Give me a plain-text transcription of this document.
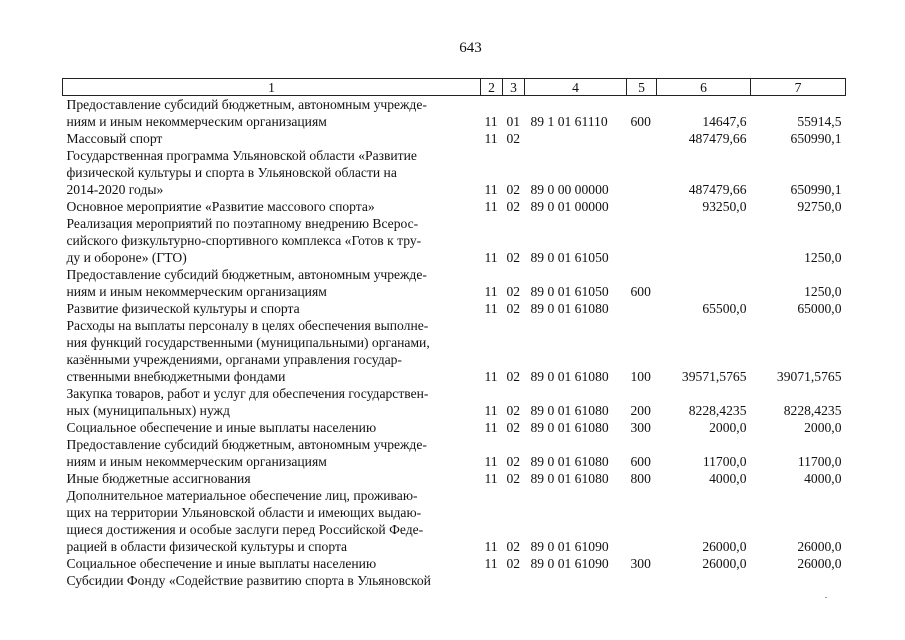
643
1	2	3	4	5	6	7

Предоставление субсидий бюджетным, автономным учрежде-
ниям и иным некоммерческим организациям	11	01	89 1 01 61110	600	14647,6	55914,5

Массовый спорт	11	02			487479,66	650990,1

Государственная программа Ульяновской области «Развитие
физической культуры и спорта в Ульяновской области на
2014-2020 годы»	11	02	89 0 00 00000		487479,66	650990,1

Основное мероприятие «Развитие массового спорта»	11	02	89 0 01 00000		93250,0	92750,0

Реализация мероприятий по поэтапному внедрению Всерос-
сийского физкультурно-спортивного комплекса «Готов к тру-
ду и обороне» (ГТО)	11	02	89 0 01 61050			1250,0

Предоставление субсидий бюджетным, автономным учрежде-
ниям и иным некоммерческим организациям	11	02	89 0 01 61050	600		1250,0

Развитие физической культуры и спорта	11	02	89 0 01 61080		65500,0	65000,0

Расходы на выплаты персоналу в целях обеспечения выполне-
ния функций государственными (муниципальными) органами,
казёнными учреждениями, органами управления государ-
ственными внебюджетными фондами	11	02	89 0 01 61080	100	39571,5765	39071,5765

Закупка товаров, работ и услуг для обеспечения государствен-
ных (муниципальных) нужд	11	02	89 0 01 61080	200	8228,4235	8228,4235

Социальное обеспечение и иные выплаты населению	11	02	89 0 01 61080	300	2000,0	2000,0

Предоставление субсидий бюджетным, автономным учрежде-
ниям и иным некоммерческим организациям	11	02	89 0 01 61080	600	11700,0	11700,0

Иные бюджетные ассигнования	11	02	89 0 01 61080	800	4000,0	4000,0

Дополнительное материальное обеспечение лиц, проживаю-
щих на территории Ульяновской области и имеющих выдаю-
щиеся достижения и особые заслуги перед Российской Феде-
рацией в области физической культуры и спорта	11	02	89 0 01 61090		26000,0	26000,0

Социальное обеспечение и иные выплаты населению	11	02	89 0 01 61090	300	26000,0	26000,0

Субсидии Фонду «Содействие развитию спорта в Ульяновской						
